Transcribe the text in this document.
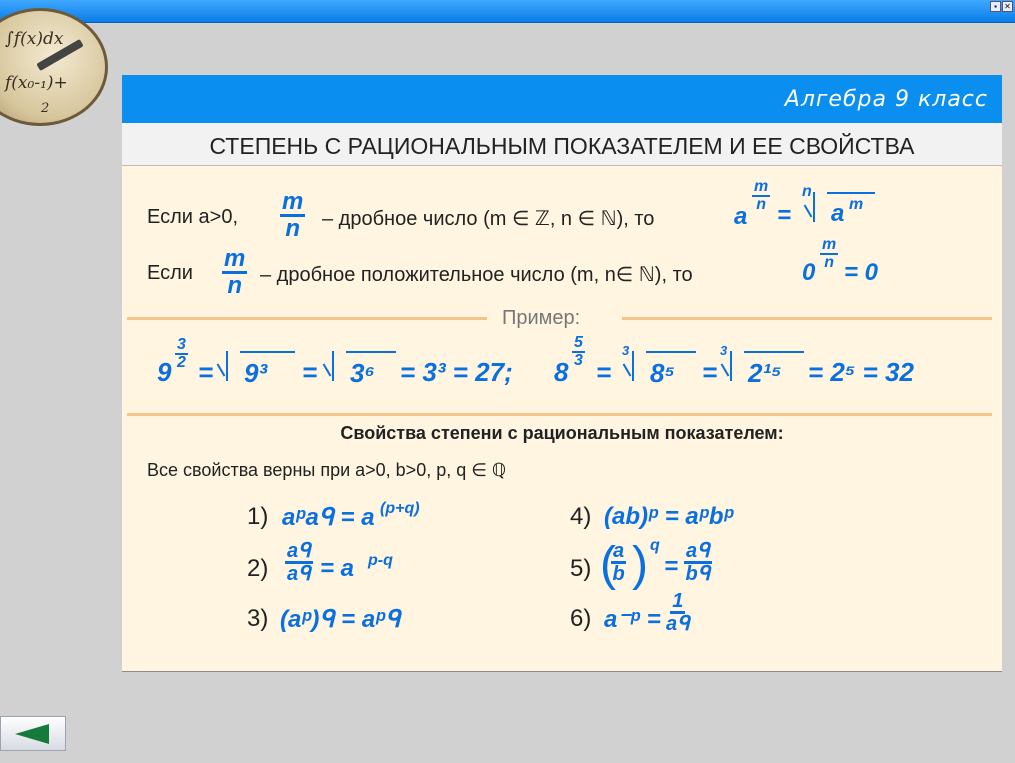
▪ ✕
∫f(x)dx
f(x₀-₁)+
2	Алгебра 9 класс
СТЕПЕНЬ С РАЦИОНАЛЬНЫМ ПОКАЗАТЕЛЕМ И ЕЕ СВОЙСТВА
Если a>0, $\frac{m}{n}$ – дробное число (m ∈ ℤ, n ∈ ℕ), то	a
$\frac{m}{n}$
=
n
a m
Если $\frac{m}{n}$ – дробное положительное число (m, n∈ ℕ), то	0
$\frac{m}{n}$
= 0
Пример:
9
$\frac{3}{2}$
= 9³ = 3⁶ = 3³ = 27; 8
$\frac{5}{3}$
=
3
8⁵ =
3
2¹⁵ = 2⁵ = 32
Свойства степени с рациональным показателем:
Все свойства верны при a>0, b>0, p, q ∈ ℚ
1) aᵖaᑫ = a (p+q)
2)
aᑫ
aᑫ = a p-q
3) (aᵖ)ᑫ = aᵖᑫ
4) (ab)ᵖ = aᵖbᵖ
5) (
$\frac{a}{b}$ ) q
=
aᑫ
bᑫ
6) a⁻ᵖ =
1
aᑫ
